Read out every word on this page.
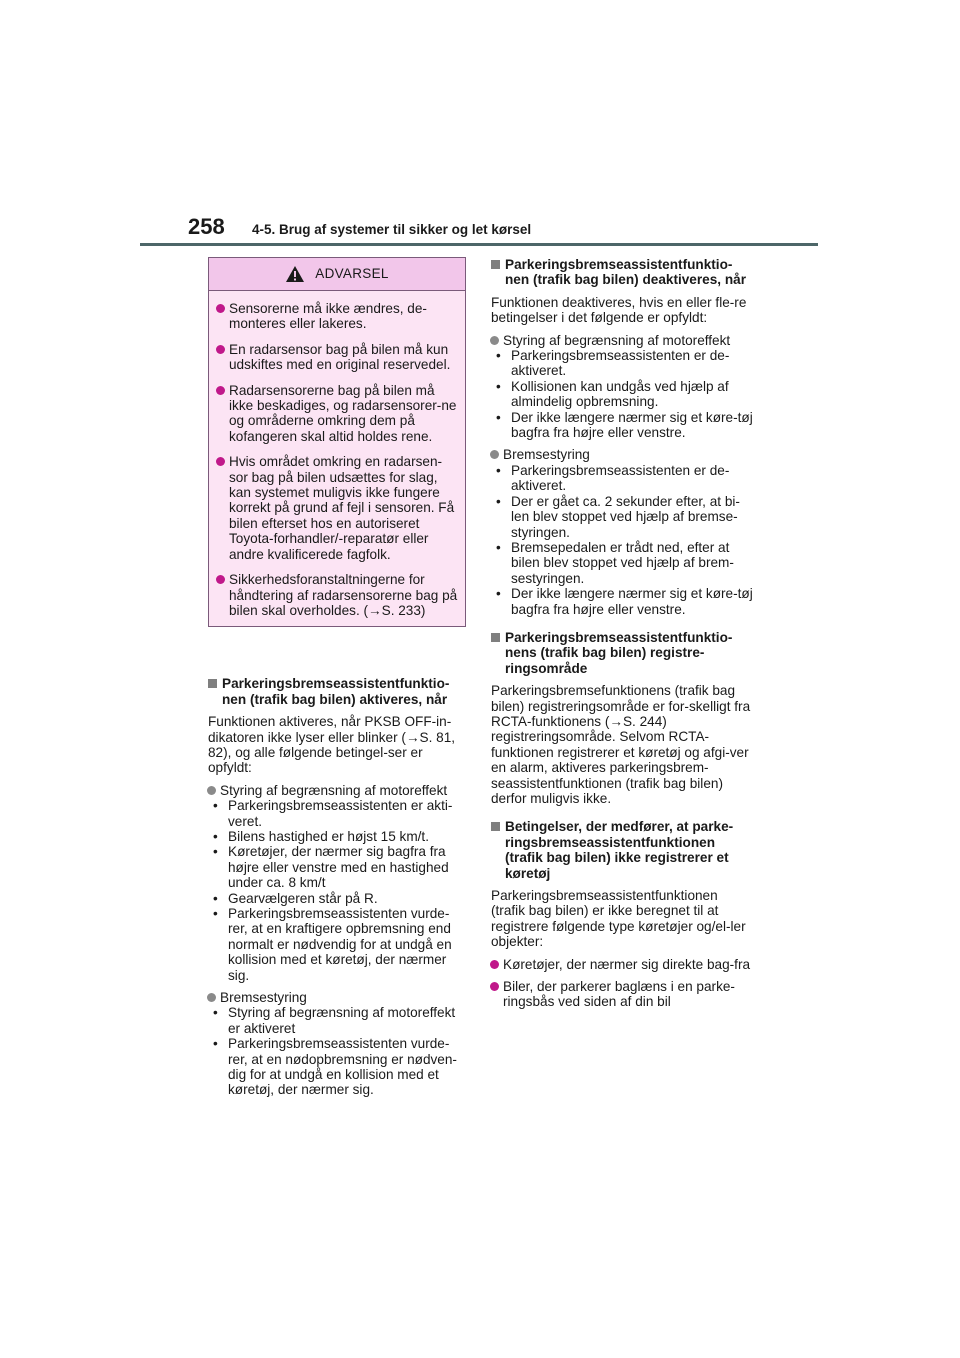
258	4-5. Brug af systemer til sikker og let kørsel
ADVARSEL
Sensorerne må ikke ændres, de-monteres eller lakeres.
En radarsensor bag på bilen må kun udskiftes med en original reservedel.
Radarsensorerne bag på bilen må ikke beskadiges, og radarsensorer-ne og områderne omkring dem på kofangeren skal altid holdes rene.
Hvis området omkring en radarsen-sor bag på bilen udsættes for slag, kan systemet muligvis ikke fungere korrekt på grund af fejl i sensoren. Få bilen efterset hos en autoriseret Toyota-forhandler/-reparatør eller andre kvalificerede fagfolk.
Sikkerhedsforanstaltningerne for håndtering af radarsensorerne bag på bilen skal overholdes. (→S. 233)
Parkeringsbremseassistentfunktio-nen (trafik bag bilen) aktiveres, når
Funktionen aktiveres, når PKSB OFF-in-dikatoren ikke lyser eller blinker (→S. 81, 82), og alle følgende betingel-ser er opfyldt:
Styring af begrænsning af motoreffekt
• Parkeringsbremseassistenten er akti-veret.
• Bilens hastighed er højst 15 km/t.
• Køretøjer, der nærmer sig bagfra fra højre eller venstre med en hastighed under ca. 8 km/t
• Gearvælgeren står på R.
• Parkeringsbremseassistenten vurde-rer, at en kraftigere opbremsning end normalt er nødvendig for at undgå en kollision med et køretøj, der nærmer sig.
Bremsestyring
• Styring af begrænsning af motoreffekt er aktiveret
• Parkeringsbremseassistenten vurde-rer, at en nødopbremsning er nødven-dig for at undgå en kollision med et køretøj, der nærmer sig.
Parkeringsbremseassistentfunktio-nen (trafik bag bilen) deaktiveres, når
Funktionen deaktiveres, hvis en eller fle-re betingelser i det følgende er opfyldt:
Styring af begrænsning af motoreffekt
• Parkeringsbremseassistenten er de-aktiveret.
• Kollisionen kan undgås ved hjælp af almindelig opbremsning.
• Der ikke længere nærmer sig et køre-tøj bagfra fra højre eller venstre.
Bremsestyring
• Parkeringsbremseassistenten er de-aktiveret.
• Der er gået ca. 2 sekunder efter, at bi-len blev stoppet ved hjælp af bremse-styringen.
• Bremsepedalen er trådt ned, efter at bilen blev stoppet ved hjælp af brem-sestyringen.
• Der ikke længere nærmer sig et køre-tøj bagfra fra højre eller venstre.
Parkeringsbremseassistentfunktio-nens (trafik bag bilen) registre-ringsområde
Parkeringsbremsefunktionens (trafik bag bilen) registreringsområde er for-skelligt fra RCTA-funktionens (→S. 244) registreringsområde. Selvom RCTA-funktionen registrerer et køretøj og afgi-ver en alarm, aktiveres parkeringsbrem-seassistentfunktionen (trafik bag bilen) derfor muligvis ikke.
Betingelser, der medfører, at parke-ringsbremseassistentfunktionen (trafik bag bilen) ikke registrerer et køretøj
Parkeringsbremseassistentfunktionen (trafik bag bilen) er ikke beregnet til at registrere følgende type køretøjer og/el-ler objekter:
Køretøjer, der nærmer sig direkte bag-fra
Biler, der parkerer baglæns i en parke-ringsbås ved siden af din bil
